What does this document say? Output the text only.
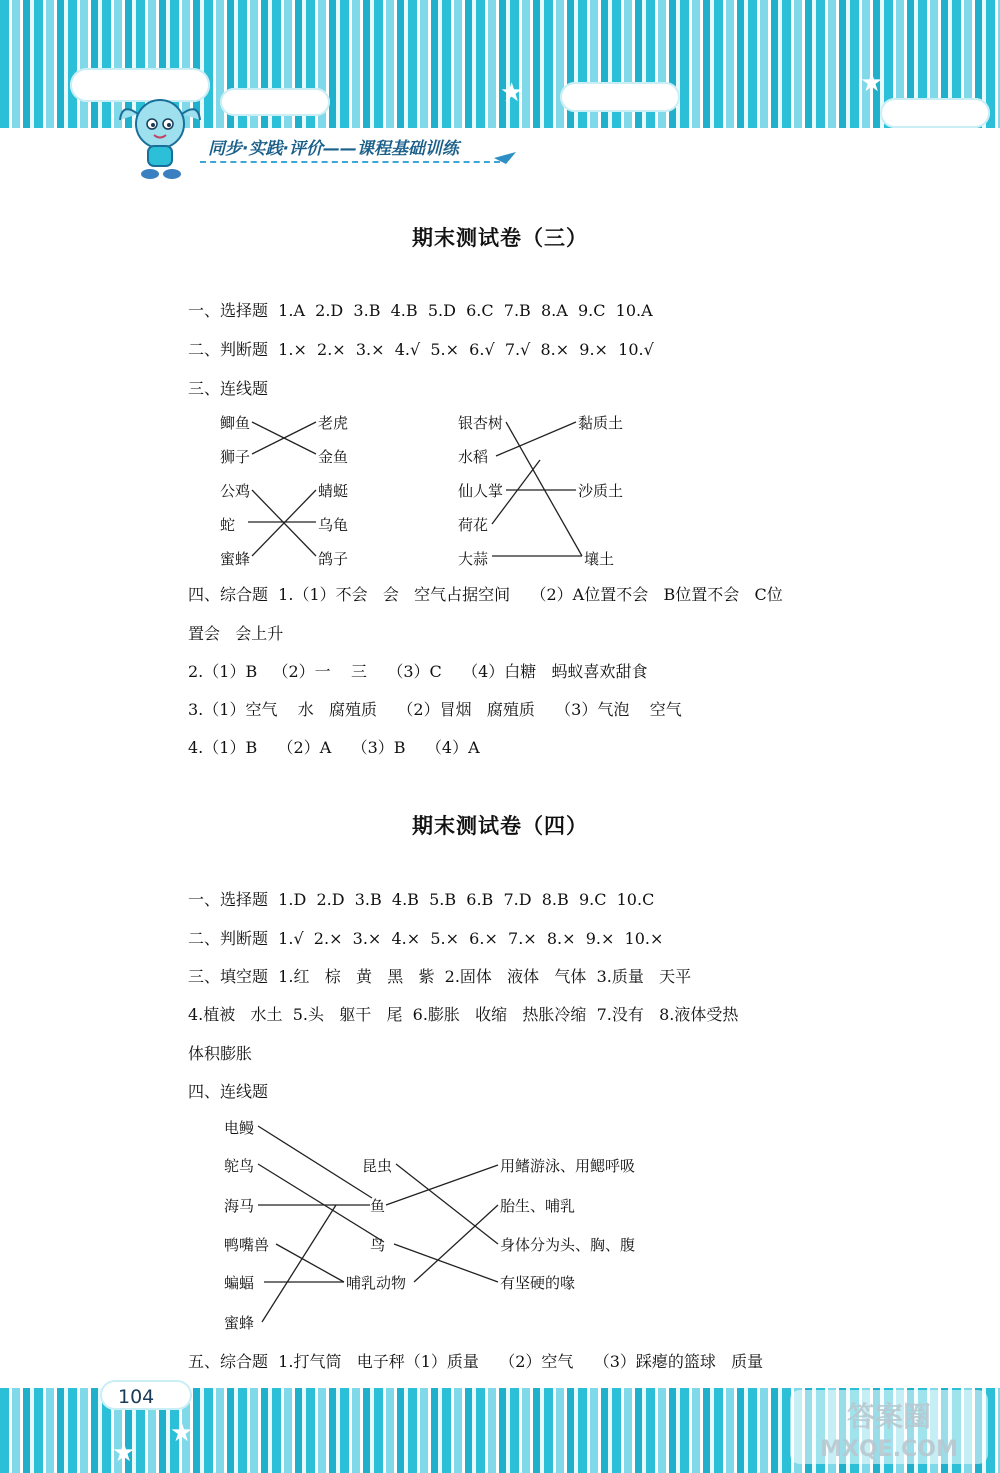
★	★	★
同步·实践·评价——课程基础训练
期末测试卷（三）
一、选择题  1.A  2.D  3.B  4.B  5.D  6.C  7.B  8.A  9.C  10.A
二、判断题  1.×  2.×  3.×  4.√  5.×  6.√  7.√  8.×  9.×  10.√
三、连线题
鲫鱼
狮子
老虎
金鱼
公鸡
蛇
蜜蜂
蜻蜓
乌龟
鸽子
银杏树
水稻
仙人掌
荷花
大蒜
黏质土
沙质土
壤土
四、综合题  1.（1）不会   会   空气占据空间    （2）A位置不会   B位置不会   C位
置会   会上升
2.（1）B   （2）一    三    （3）C    （4）白糖   蚂蚁喜欢甜食
3.（1）空气    水   腐殖质    （2）冒烟   腐殖质    （3）气泡    空气
4.（1）B    （2）A    （3）B    （4）A
期末测试卷（四）
一、选择题  1.D  2.D  3.B  4.B  5.B  6.B  7.D  8.B  9.C  10.C
二、判断题  1.√  2.×  3.×  4.×  5.×  6.×  7.×  8.×  9.×  10.×
三、填空题  1.红   棕   黄   黑   紫  2.固体   液体   气体  3.质量   天平
4.植被   水土  5.头   躯干   尾  6.膨胀   收缩   热胀冷缩  7.没有   8.液体受热
体积膨胀
四、连线题
电鳗
鸵鸟
海马
鸭嘴兽
蝙蝠
蜜蜂
昆虫
鱼
鸟
哺乳动物
用鳍游泳、用鳃呼吸
胎生、哺乳
身体分为头、胸、腹
有坚硬的喙
五、综合题  1.打气筒   电子秤（1）质量    （2）空气    （3）踩瘪的篮球   质量
★
★
104
答案圈
MXQE.COM
